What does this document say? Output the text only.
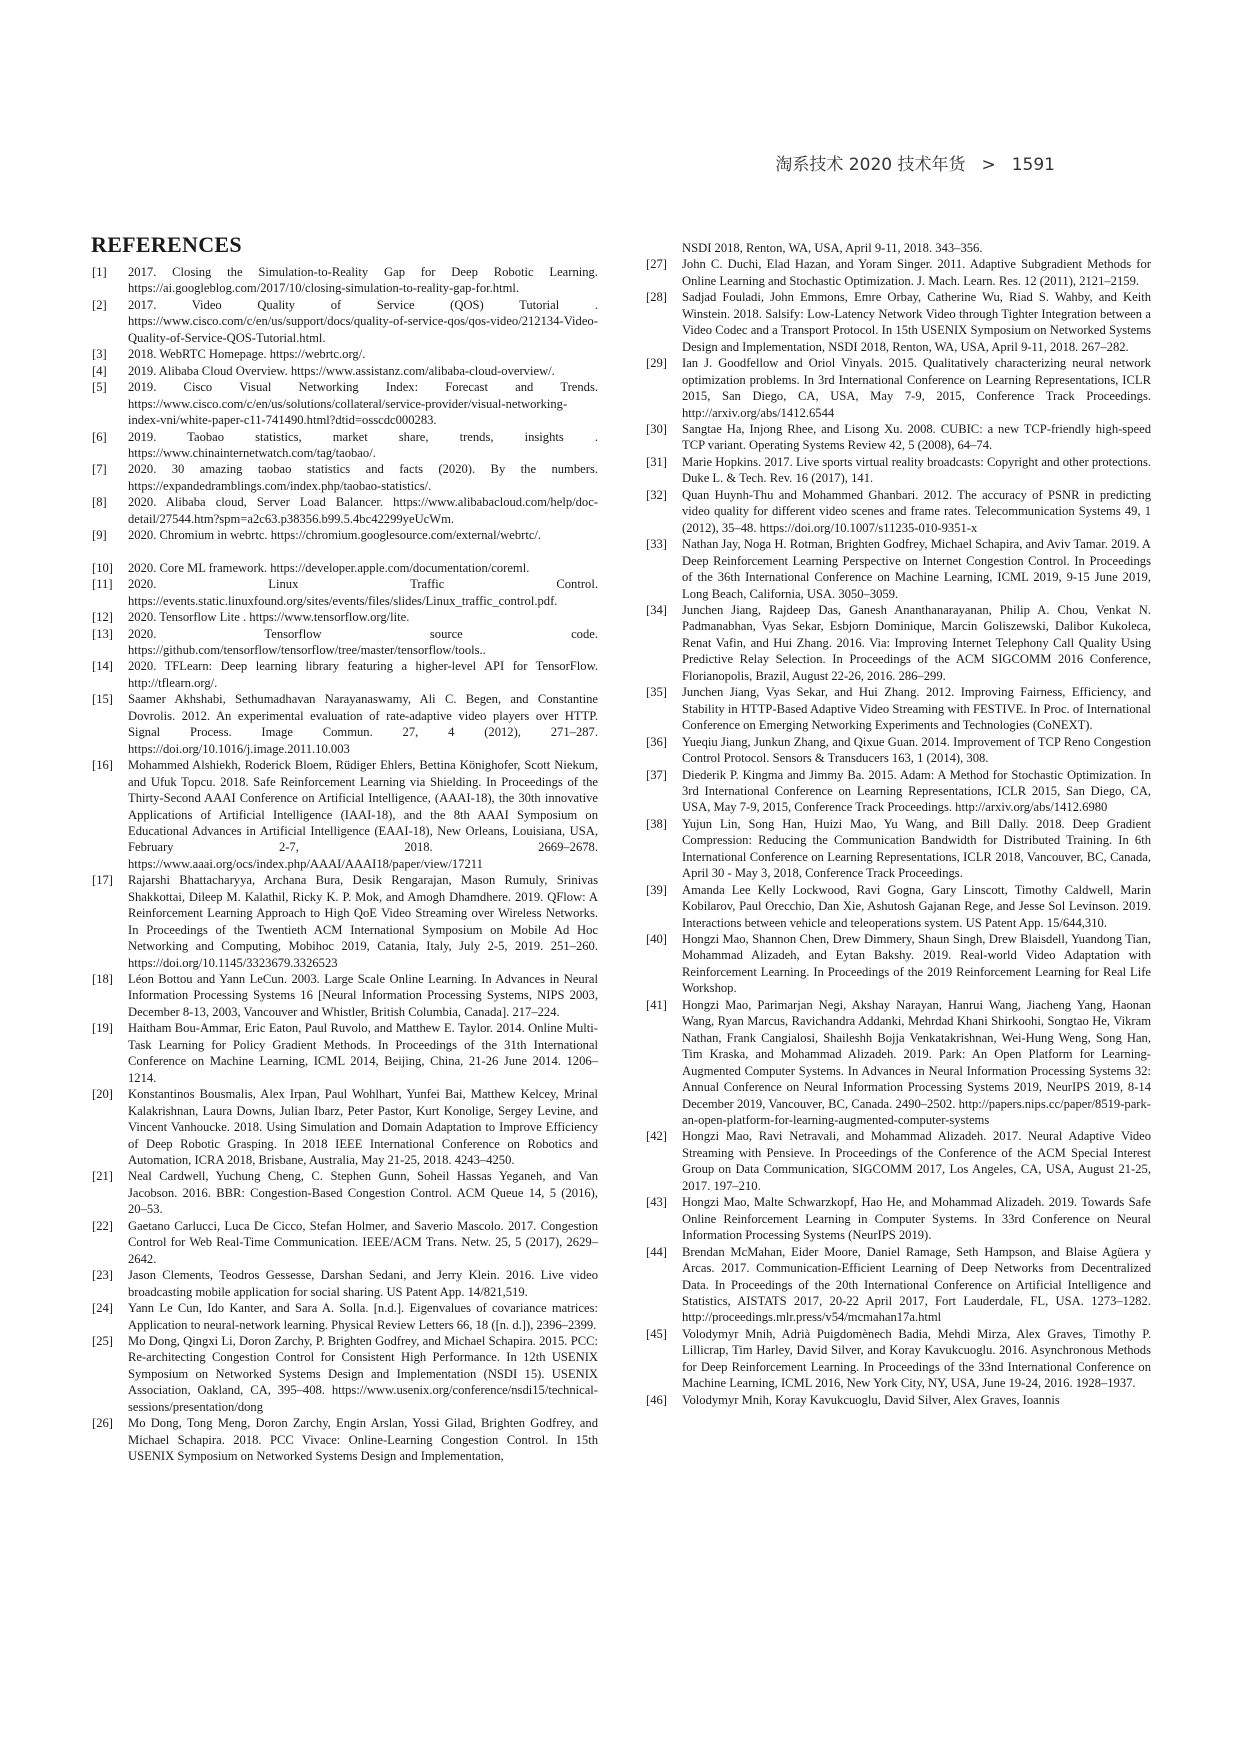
淘系技术 2020 技术年货 > 1591
REFERENCES
[1]	2017. Closing the Simulation-to-Reality Gap for Deep Robotic Learning. https://ai.googleblog.com/2017/10/closing-simulation-to-reality-gap-for.html.
[2]	2017. Video Quality of Service (QOS) Tutorial . https://www.cisco.com/c/en/us/support/docs/quality-of-service-qos/qos-video/212134-Video-Quality-of-Service-QOS-Tutorial.html.
[3]	2018. WebRTC Homepage. https://webrtc.org/.
[4]	2019. Alibaba Cloud Overview. https://www.assistanz.com/alibaba-cloud-overview/.
[5]	2019. Cisco Visual Networking Index: Forecast and Trends. https://www.cisco.com/c/en/us/solutions/collateral/service-provider/visual-networking-index-vni/white-paper-c11-741490.html?dtid=osscdc000283.
[6]	2019. Taobao statistics, market share, trends, insights . https://www.chinainternetwatch.com/tag/taobao/.
[7]	2020. 30 amazing taobao statistics and facts (2020). By the numbers. https://expandedramblings.com/index.php/taobao-statistics/.
[8]	2020. Alibaba cloud, Server Load Balancer. https://www.alibabacloud.com/help/doc-detail/27544.htm?spm=a2c63.p38356.b99.5.4bc42299yeUcWm.
[9]	2020. Chromium in webrtc. https://chromium.googlesource.com/external/webrtc/.
[10]	2020. Core ML framework. https://developer.apple.com/documentation/coreml.
[11]	2020. Linux Traffic Control. https://events.static.linuxfound.org/sites/events/files/slides/Linux_traffic_control.pdf.
[12]	2020. Tensorflow Lite . https://www.tensorflow.org/lite.
[13]	2020. Tensorflow source code. https://github.com/tensorflow/tensorflow/tree/master/tensorflow/tools..
[14]	2020. TFLearn: Deep learning library featuring a higher-level API for TensorFlow. http://tflearn.org/.
[15]	Saamer Akhshabi, Sethumadhavan Narayanaswamy, Ali C. Begen, and Constantine Dovrolis. 2012. An experimental evaluation of rate-adaptive video players over HTTP. Signal Process. Image Commun. 27, 4 (2012), 271–287. https://doi.org/10.1016/j.image.2011.10.003
[16]	Mohammed Alshiekh, Roderick Bloem, Rüdiger Ehlers, Bettina Könighofer, Scott Niekum, and Ufuk Topcu. 2018. Safe Reinforcement Learning via Shielding. In Proceedings of the Thirty-Second AAAI Conference on Artificial Intelligence, (AAAI-18), the 30th innovative Applications of Artificial Intelligence (IAAI-18), and the 8th AAAI Symposium on Educational Advances in Artificial Intelligence (EAAI-18), New Orleans, Louisiana, USA, February 2-7, 2018. 2669–2678. https://www.aaai.org/ocs/index.php/AAAI/AAAI18/paper/view/17211
[17]	Rajarshi Bhattacharyya, Archana Bura, Desik Rengarajan, Mason Rumuly, Srinivas Shakkottai, Dileep M. Kalathil, Ricky K. P. Mok, and Amogh Dhamdhere. 2019. QFlow: A Reinforcement Learning Approach to High QoE Video Streaming over Wireless Networks. In Proceedings of the Twentieth ACM International Symposium on Mobile Ad Hoc Networking and Computing, Mobihoc 2019, Catania, Italy, July 2-5, 2019. 251–260. https://doi.org/10.1145/3323679.3326523
[18]	Léon Bottou and Yann LeCun. 2003. Large Scale Online Learning. In Advances in Neural Information Processing Systems 16 [Neural Information Processing Systems, NIPS 2003, December 8-13, 2003, Vancouver and Whistler, British Columbia, Canada]. 217–224.
[19]	Haitham Bou-Ammar, Eric Eaton, Paul Ruvolo, and Matthew E. Taylor. 2014. Online Multi-Task Learning for Policy Gradient Methods. In Proceedings of the 31th International Conference on Machine Learning, ICML 2014, Beijing, China, 21-26 June 2014. 1206–1214.
[20]	Konstantinos Bousmalis, Alex Irpan, Paul Wohlhart, Yunfei Bai, Matthew Kelcey, Mrinal Kalakrishnan, Laura Downs, Julian Ibarz, Peter Pastor, Kurt Konolige, Sergey Levine, and Vincent Vanhoucke. 2018. Using Simulation and Domain Adaptation to Improve Efficiency of Deep Robotic Grasping. In 2018 IEEE International Conference on Robotics and Automation, ICRA 2018, Brisbane, Australia, May 21-25, 2018. 4243–4250.
[21]	Neal Cardwell, Yuchung Cheng, C. Stephen Gunn, Soheil Hassas Yeganeh, and Van Jacobson. 2016. BBR: Congestion-Based Congestion Control. ACM Queue 14, 5 (2016), 20–53.
[22]	Gaetano Carlucci, Luca De Cicco, Stefan Holmer, and Saverio Mascolo. 2017. Congestion Control for Web Real-Time Communication. IEEE/ACM Trans. Netw. 25, 5 (2017), 2629–2642.
[23]	Jason Clements, Teodros Gessesse, Darshan Sedani, and Jerry Klein. 2016. Live video broadcasting mobile application for social sharing. US Patent App. 14/821,519.
[24]	Yann Le Cun, Ido Kanter, and Sara A. Solla. [n.d.]. Eigenvalues of covariance matrices: Application to neural-network learning. Physical Review Letters 66, 18 ([n. d.]), 2396–2399.
[25]	Mo Dong, Qingxi Li, Doron Zarchy, P. Brighten Godfrey, and Michael Schapira. 2015. PCC: Re-architecting Congestion Control for Consistent High Performance. In 12th USENIX Symposium on Networked Systems Design and Implementation (NSDI 15). USENIX Association, Oakland, CA, 395–408. https://www.usenix.org/conference/nsdi15/technical-sessions/presentation/dong
[26]	Mo Dong, Tong Meng, Doron Zarchy, Engin Arslan, Yossi Gilad, Brighten Godfrey, and Michael Schapira. 2018. PCC Vivace: Online-Learning Congestion Control. In 15th USENIX Symposium on Networked Systems Design and Implementation,
NSDI 2018, Renton, WA, USA, April 9-11, 2018. 343–356.
[27]	John C. Duchi, Elad Hazan, and Yoram Singer. 2011. Adaptive Subgradient Methods for Online Learning and Stochastic Optimization. J. Mach. Learn. Res. 12 (2011), 2121–2159.
[28]	Sadjad Fouladi, John Emmons, Emre Orbay, Catherine Wu, Riad S. Wahby, and Keith Winstein. 2018. Salsify: Low-Latency Network Video through Tighter Integration between a Video Codec and a Transport Protocol. In 15th USENIX Symposium on Networked Systems Design and Implementation, NSDI 2018, Renton, WA, USA, April 9-11, 2018. 267–282.
[29]	Ian J. Goodfellow and Oriol Vinyals. 2015. Qualitatively characterizing neural network optimization problems. In 3rd International Conference on Learning Representations, ICLR 2015, San Diego, CA, USA, May 7-9, 2015, Conference Track Proceedings. http://arxiv.org/abs/1412.6544
[30]	Sangtae Ha, Injong Rhee, and Lisong Xu. 2008. CUBIC: a new TCP-friendly high-speed TCP variant. Operating Systems Review 42, 5 (2008), 64–74.
[31]	Marie Hopkins. 2017. Live sports virtual reality broadcasts: Copyright and other protections. Duke L. & Tech. Rev. 16 (2017), 141.
[32]	Quan Huynh-Thu and Mohammed Ghanbari. 2012. The accuracy of PSNR in predicting video quality for different video scenes and frame rates. Telecommunication Systems 49, 1 (2012), 35–48. https://doi.org/10.1007/s11235-010-9351-x
[33]	Nathan Jay, Noga H. Rotman, Brighten Godfrey, Michael Schapira, and Aviv Tamar. 2019. A Deep Reinforcement Learning Perspective on Internet Congestion Control. In Proceedings of the 36th International Conference on Machine Learning, ICML 2019, 9-15 June 2019, Long Beach, California, USA. 3050–3059.
[34]	Junchen Jiang, Rajdeep Das, Ganesh Ananthanarayanan, Philip A. Chou, Venkat N. Padmanabhan, Vyas Sekar, Esbjorn Dominique, Marcin Goliszewski, Dalibor Kukoleca, Renat Vafin, and Hui Zhang. 2016. Via: Improving Internet Telephony Call Quality Using Predictive Relay Selection. In Proceedings of the ACM SIGCOMM 2016 Conference, Florianopolis, Brazil, August 22-26, 2016. 286–299.
[35]	Junchen Jiang, Vyas Sekar, and Hui Zhang. 2012. Improving Fairness, Efficiency, and Stability in HTTP-Based Adaptive Video Streaming with FESTIVE. In Proc. of International Conference on Emerging Networking Experiments and Technologies (CoNEXT).
[36]	Yueqiu Jiang, Junkun Zhang, and Qixue Guan. 2014. Improvement of TCP Reno Congestion Control Protocol. Sensors & Transducers 163, 1 (2014), 308.
[37]	Diederik P. Kingma and Jimmy Ba. 2015. Adam: A Method for Stochastic Optimization. In 3rd International Conference on Learning Representations, ICLR 2015, San Diego, CA, USA, May 7-9, 2015, Conference Track Proceedings. http://arxiv.org/abs/1412.6980
[38]	Yujun Lin, Song Han, Huizi Mao, Yu Wang, and Bill Dally. 2018. Deep Gradient Compression: Reducing the Communication Bandwidth for Distributed Training. In 6th International Conference on Learning Representations, ICLR 2018, Vancouver, BC, Canada, April 30 - May 3, 2018, Conference Track Proceedings.
[39]	Amanda Lee Kelly Lockwood, Ravi Gogna, Gary Linscott, Timothy Caldwell, Marin Kobilarov, Paul Orecchio, Dan Xie, Ashutosh Gajanan Rege, and Jesse Sol Levinson. 2019. Interactions between vehicle and teleoperations system. US Patent App. 15/644,310.
[40]	Hongzi Mao, Shannon Chen, Drew Dimmery, Shaun Singh, Drew Blaisdell, Yuandong Tian, Mohammad Alizadeh, and Eytan Bakshy. 2019. Real-world Video Adaptation with Reinforcement Learning. In Proceedings of the 2019 Reinforcement Learning for Real Life Workshop.
[41]	Hongzi Mao, Parimarjan Negi, Akshay Narayan, Hanrui Wang, Jiacheng Yang, Haonan Wang, Ryan Marcus, Ravichandra Addanki, Mehrdad Khani Shirkoohi, Songtao He, Vikram Nathan, Frank Cangialosi, Shaileshh Bojja Venkatakrishnan, Wei-Hung Weng, Song Han, Tim Kraska, and Mohammad Alizadeh. 2019. Park: An Open Platform for Learning-Augmented Computer Systems. In Advances in Neural Information Processing Systems 32: Annual Conference on Neural Information Processing Systems 2019, NeurIPS 2019, 8-14 December 2019, Vancouver, BC, Canada. 2490–2502. http://papers.nips.cc/paper/8519-park-an-open-platform-for-learning-augmented-computer-systems
[42]	Hongzi Mao, Ravi Netravali, and Mohammad Alizadeh. 2017. Neural Adaptive Video Streaming with Pensieve. In Proceedings of the Conference of the ACM Special Interest Group on Data Communication, SIGCOMM 2017, Los Angeles, CA, USA, August 21-25, 2017. 197–210.
[43]	Hongzi Mao, Malte Schwarzkopf, Hao He, and Mohammad Alizadeh. 2019. Towards Safe Online Reinforcement Learning in Computer Systems. In 33rd Conference on Neural Information Processing Systems (NeurIPS 2019).
[44]	Brendan McMahan, Eider Moore, Daniel Ramage, Seth Hampson, and Blaise Agüera y Arcas. 2017. Communication-Efficient Learning of Deep Networks from Decentralized Data. In Proceedings of the 20th International Conference on Artificial Intelligence and Statistics, AISTATS 2017, 20-22 April 2017, Fort Lauderdale, FL, USA. 1273–1282. http://proceedings.mlr.press/v54/mcmahan17a.html
[45]	Volodymyr Mnih, Adrià Puigdomènech Badia, Mehdi Mirza, Alex Graves, Timothy P. Lillicrap, Tim Harley, David Silver, and Koray Kavukcuoglu. 2016. Asynchronous Methods for Deep Reinforcement Learning. In Proceedings of the 33nd International Conference on Machine Learning, ICML 2016, New York City, NY, USA, June 19-24, 2016. 1928–1937.
[46]	Volodymyr Mnih, Koray Kavukcuoglu, David Silver, Alex Graves, Ioannis
